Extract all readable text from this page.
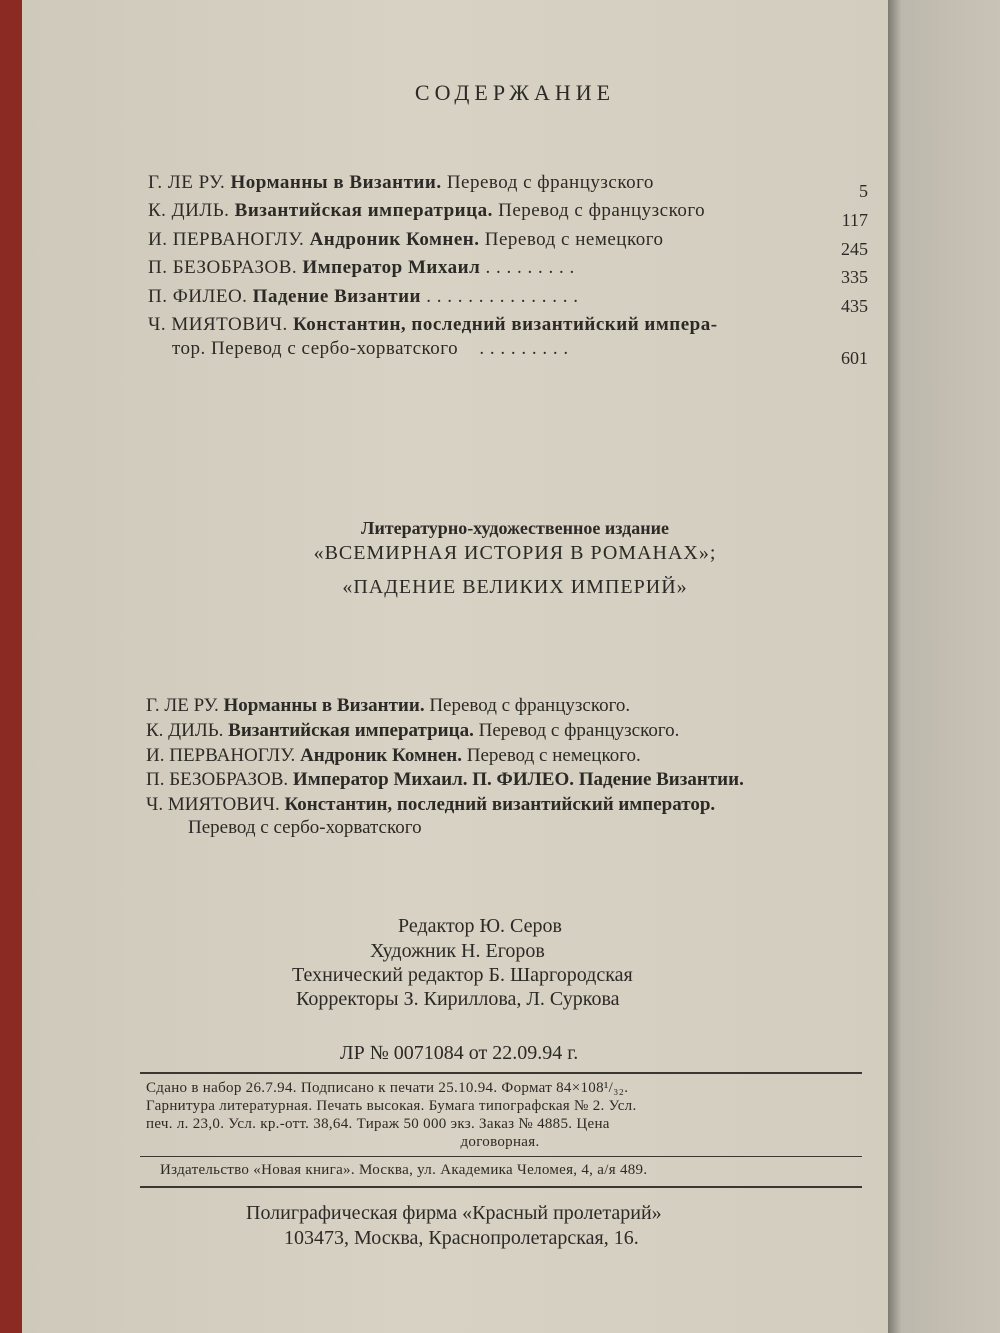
СОДЕРЖАНИЕ
Г. ЛЕ РУ. Норманны в Византии. Перевод с французского	5
К. ДИЛЬ. Византийская императрица. Перевод с французского	117
И. ПЕРВАНОГЛУ. Андроник Комнен. Перевод с немецкого	245
П. БЕЗОБРАЗОВ. Император Михаил . . . . . . . . .	335
П. ФИЛЕО. Падение Византии . . . . . . . . . . . . . . .	435
Ч. МИЯТОВИЧ. Константин, последний византийский импера-
тор. Перевод с сербо-хорватского . . . . . . . . .	601
Литературно-художественное издание
«ВСЕМИРНАЯ ИСТОРИЯ В РОМАНАХ»;
«ПАДЕНИЕ ВЕЛИКИХ ИМПЕРИЙ»
Г. ЛЕ РУ. Норманны в Византии. Перевод с французского.
К. ДИЛЬ. Византийская императрица. Перевод с французского.
И. ПЕРВАНОГЛУ. Андроник Комнен. Перевод с немецкого.
П. БЕЗОБРАЗОВ. Император Михаил. П. ФИЛЕО. Падение Византии.
Ч. МИЯТОВИЧ. Константин, последний византийский император.
Перевод с сербо-хорватского
Редактор Ю. Серов
Художник Н. Егоров
Технический редактор Б. Шаргородская
Корректоры З. Кириллова, Л. Суркова
ЛР № 0071084 от 22.09.94 г.
Сдано в набор 26.7.94. Подписано к печати 25.10.94. Формат 84×108¹/₃₂.
Гарнитура литературная. Печать высокая. Бумага типографская № 2. Усл.
печ. л. 23,0. Усл. кр.-отт. 38,64. Тираж 50 000 экз. Заказ № 4885. Цена
договорная.
Издательство «Новая книга». Москва, ул. Академика Челомея, 4, а/я 489.
Полиграфическая фирма «Красный пролетарий»
103473, Москва, Краснопролетарская, 16.
